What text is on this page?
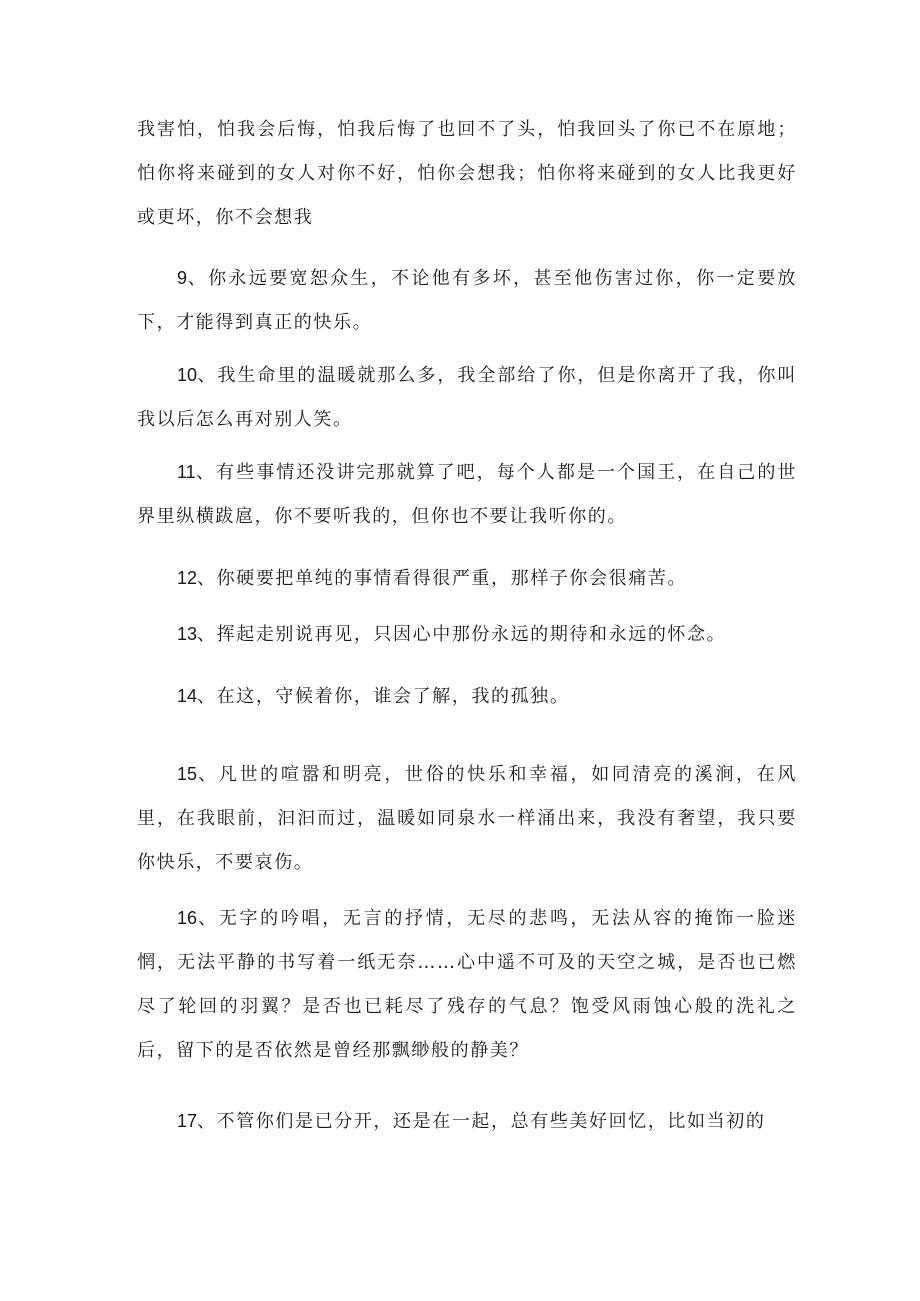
我害怕，怕我会后悔，怕我后悔了也回不了头，怕我回头了你已不在原地；怕你将来碰到的女人对你不好，怕你会想我；怕你将来碰到的女人比我更好或更坏，你不会想我

9、你永远要宽恕众生，不论他有多坏，甚至他伤害过你，你一定要放下，才能得到真正的快乐。

10、我生命里的温暖就那么多，我全部给了你，但是你离开了我，你叫我以后怎么再对别人笑。

11、有些事情还没讲完那就算了吧，每个人都是一个国王，在自己的世界里纵横跋扈，你不要听我的，但你也不要让我听你的。

12、你硬要把单纯的事情看得很严重，那样子你会很痛苦。

13、挥起走别说再见，只因心中那份永远的期待和永远的怀念。

14、在这，守候着你，谁会了解，我的孤独。

15、凡世的喧嚣和明亮，世俗的快乐和幸福，如同清亮的溪涧，在风里，在我眼前，汩汩而过，温暖如同泉水一样涌出来，我没有奢望，我只要你快乐，不要哀伤。

16、无字的吟唱，无言的抒情，无尽的悲鸣，无法从容的掩饰一脸迷惘，无法平静的书写着一纸无奈……心中遥不可及的天空之城，是否也已燃尽了轮回的羽翼？是否也已耗尽了残存的气息？饱受风雨蚀心般的洗礼之后，留下的是否依然是曾经那飘缈般的静美？

17、不管你们是已分开，还是在一起，总有些美好回忆，比如当初的
